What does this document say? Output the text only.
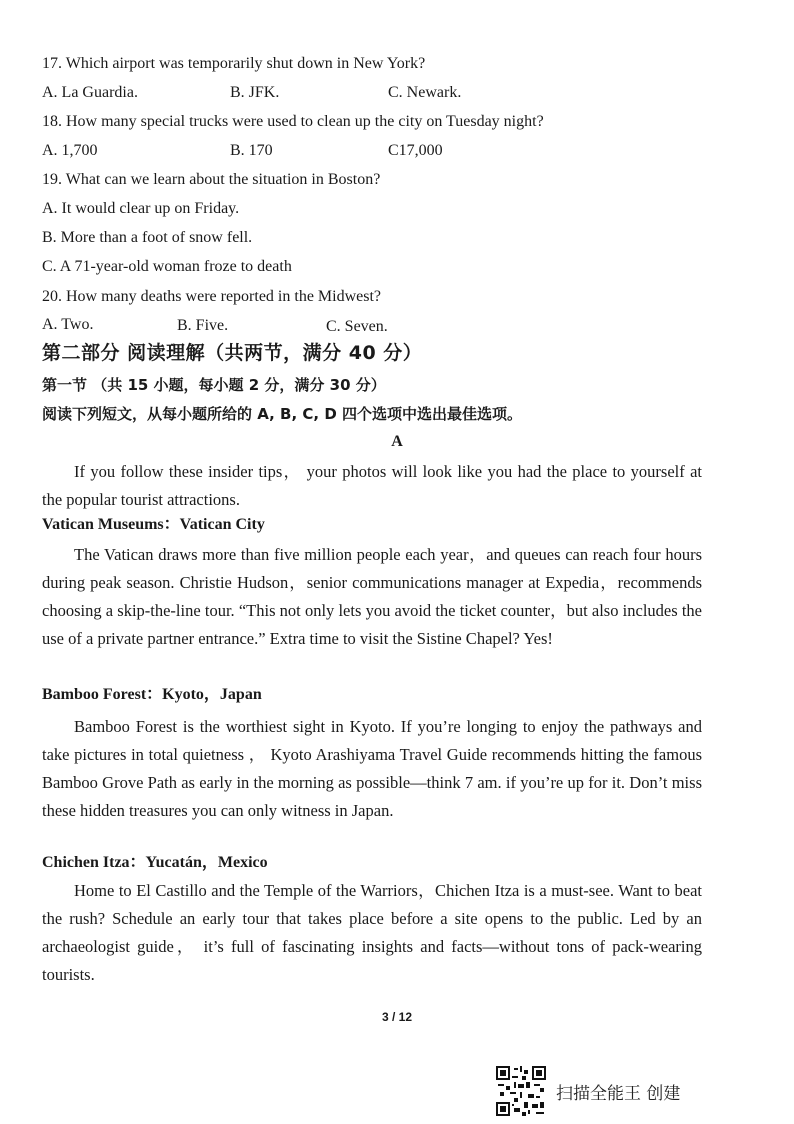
17. Which airport was temporarily shut down in New York?
A. La Guardia.	B. JFK.	C. Newark.
18. How many special trucks were used to clean up the city on Tuesday night?
A. 1,700	B. 170	C17,000
19. What can we learn about the situation in Boston?
A. It would clear up on Friday.
B. More than a foot of snow fell.
C. A 71-year-old woman froze to death
20. How many deaths were reported in the Midwest?
A. Two.	B. Five.	C. Seven.
第二部分 阅读理解（共两节，满分 40 分）
第一节 （共 15 小题，每小题 2 分，满分 30 分）
阅读下列短文，从每小题所给的 A, B, C, D 四个选项中选出最佳选项。
A
If you follow these insider tips， your photos will look like you had the place to yourself at the popular tourist attractions.
Vatican Museums：Vatican City
The Vatican draws more than five million people each year，and queues can reach four hours during peak season. Christie Hudson，senior communications manager at Expedia，recommends choosing a skip-the-line tour. “This not only lets you avoid the ticket counter，but also includes the use of a private partner entrance.” Extra time to visit the Sistine Chapel? Yes!
Bamboo Forest：Kyoto，Japan
Bamboo Forest is the worthiest sight in Kyoto. If you’re longing to enjoy the pathways and take pictures in total quietness ， Kyoto Arashiyama Travel Guide recommends hitting the famous Bamboo Grove Path as early in the morning as possible—think 7 am. if you’re up for it. Don’t miss these hidden treasures you can only witness in Japan.
Chichen Itza：Yucatán，Mexico
Home to El Castillo and the Temple of the Warriors，Chichen Itza is a must-see. Want to beat the rush? Schedule an early tour that takes place before a site opens to the public. Led by an archaeologist guide， it’s full of fascinating insights and facts—without tons of pack-wearing tourists.
3 / 12
扫描全能王 创建
